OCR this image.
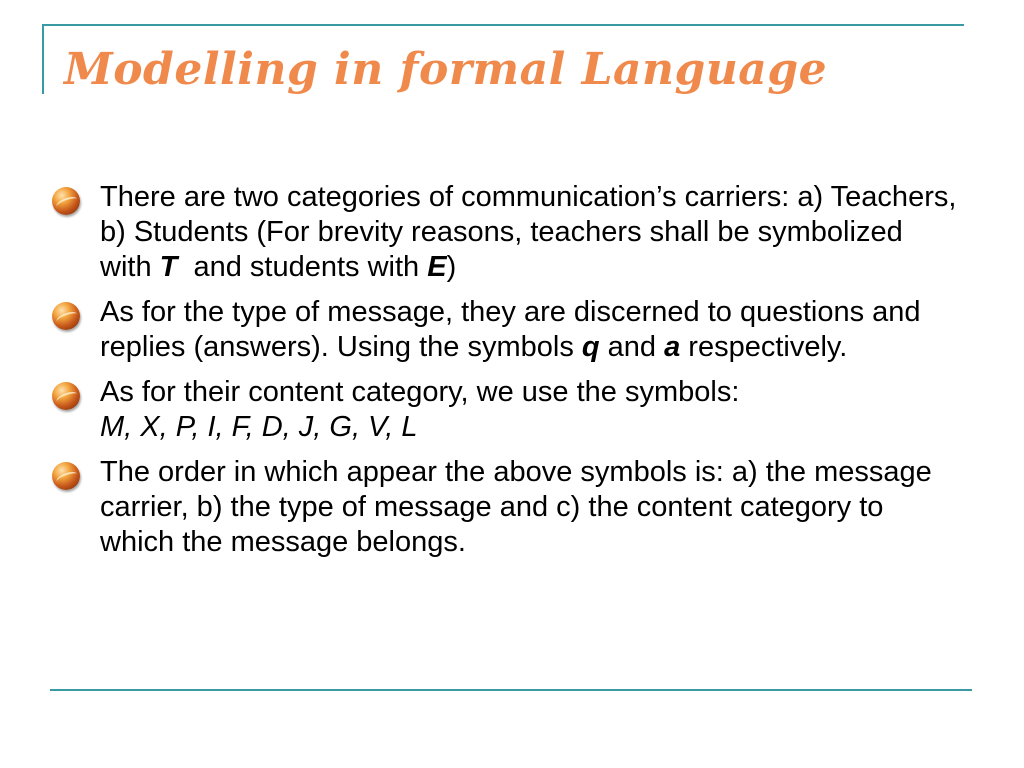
Modelling in formal Language
There are two categories of communication’s carriers: a) Teachers, b) Students (For brevity reasons, teachers shall be symbolized with T  and students with E)
As for the type of message, they are discerned to questions and replies (answers). Using the symbols q and a respectively.
As for their content category, we use the symbols:
M, X, P, I, F, D, J, G, V, L
The order in which appear the above symbols is: a) the message carrier, b) the type of message and c) the content category to which the message belongs.
